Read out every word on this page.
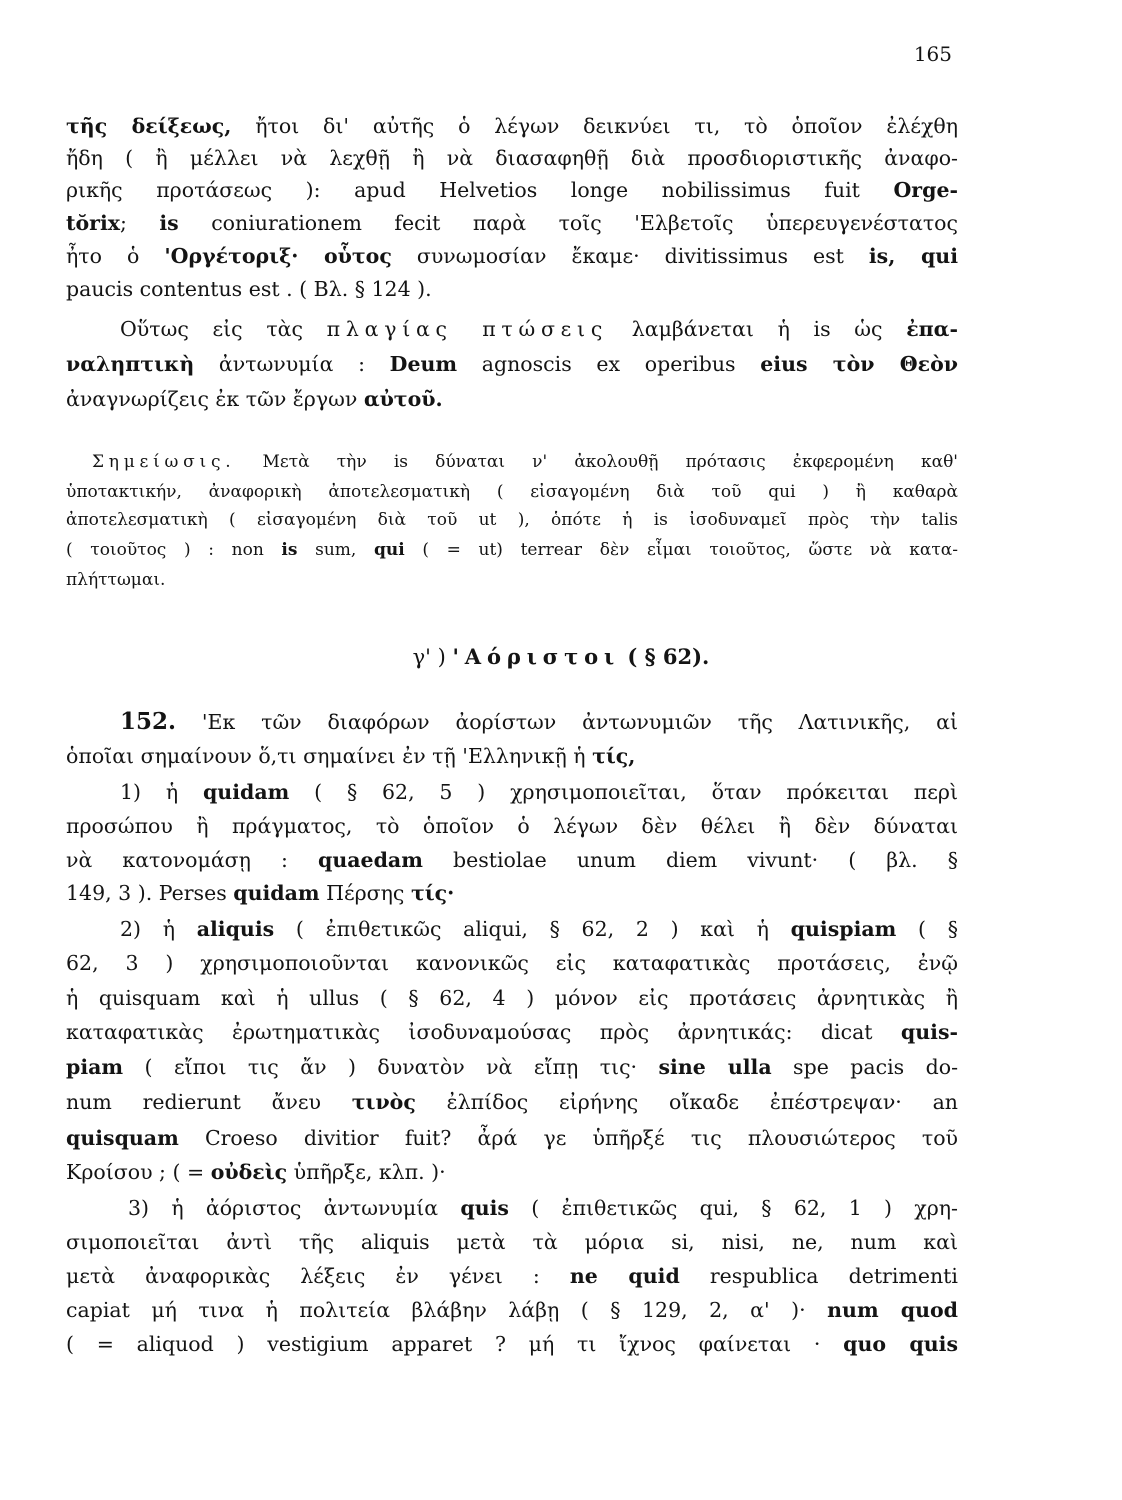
165
τῆς δείξεως, ἤτοι δι' αὐτῆς ὁ λέγων δεικνύει τι, τὸ ὁποῖον ἐλέχθη
ἤδη ( ἢ μέλλει νὰ λεχθῇ ἢ νὰ διασαφηθῇ διὰ προσδιοριστικῆς ἀναφο-
ρικῆς προτάσεως ): apud Helvetios longe nobilissimus fuit Orge-
tŏrix; is coniurationem fecit παρὰ τοῖς 'Ελβετοῖς ὑπερευγενέστατος
ἦτο ὁ 'Οργέτοριξ· οὗτος συνωμοσίαν ἔκαμε· divitissimus est is, qui
paucis contentus est . ( Βλ. § 124 ).
Οὕτως εἰς τὰς πλαγίας πτώσεις λαμβάνεται ἡ is ὡς ἐπα-
ναληπτικὴ ἀντωνυμία : Deum agnoscis ex operibus eius τὸν Θεὸν
ἀναγνωρίζεις ἐκ τῶν ἔργων αὐτοῦ.
Σημείωσις. Μετὰ τὴν is δύναται ν' ἀκολουθῇ πρότασις ἐκφερομένη καθ'
ὑποτακτικήν, ἀναφορικὴ ἀποτελεσματικὴ ( εἰσαγομένη διὰ τοῦ qui ) ἢ καθαρὰ
ἀποτελεσματικὴ ( εἰσαγομένη διὰ τοῦ ut ), ὁπότε ἡ is ἰσοδυναμεῖ πρὸς τὴν talis
( τοιοῦτος ) : non is sum, qui ( = ut) terrear δὲν εἶμαι τοιοῦτος, ὥστε νὰ κατα-
πλήττωμαι.
γ' ) 'Αόριστοι ( § 62).
152. 'Εκ τῶν διαφόρων ἀορίστων ἀντωνυμιῶν τῆς Λατινικῆς, αἱ
ὁποῖαι σημαίνουν ὅ,τι σημαίνει ἐν τῇ 'Ελληνικῇ ἡ τίς,
1) ἡ quidam ( § 62, 5 ) χρησιμοποιεῖται, ὅταν πρόκειται περὶ
προσώπου ἢ πράγματος, τὸ ὁποῖον ὁ λέγων δὲν θέλει ἢ δὲν δύναται
νὰ κατονομάσῃ : quaedam bestiolae unum diem vivunt· ( βλ. §
149, 3 ). Perses quidam Πέρσης τίς·
2) ἡ aliquis ( ἐπιθετικῶς aliqui, § 62, 2 ) καὶ ἡ quispiam ( §
62, 3 ) χρησιμοποιοῦνται κανονικῶς εἰς καταφατικὰς προτάσεις, ἐνῷ
ἡ quisquam καὶ ἡ ullus ( § 62, 4 ) μόνον εἰς προτάσεις ἀρνητικὰς ἢ
καταφατικὰς ἐρωτηματικὰς ἰσοδυναμούσας πρὸς ἀρνητικάς: dicat quis-
piam ( εἴποι τις ἄν ) δυνατὸν νὰ εἴπῃ τις· sine ulla spe pacis do-
num redierunt ἄνευ τινὸς ἐλπίδος εἰρήνης οἴκαδε ἐπέστρεψαν· an
quisquam Croeso divitior fuit? ἆρά γε ὑπῆρξέ τις πλουσιώτερος τοῦ
Κροίσου ; ( = οὐδεὶς ὑπῆρξε, κλπ. )·
3) ἡ ἀόριστος ἀντωνυμία quis ( ἐπιθετικῶς qui, § 62, 1 ) χρη-
σιμοποιεῖται ἀντὶ τῆς aliquis μετὰ τὰ μόρια si, nisi, ne, num καὶ
μετὰ ἀναφορικὰς λέξεις ἐν γένει : ne quid respublica detrimenti
capiat μή τινα ἡ πολιτεία βλάβην λάβῃ ( § 129, 2, α' )· num quod
( = aliquod ) vestigium apparet ? μή τι ἴχνος φαίνεται · quo quis
